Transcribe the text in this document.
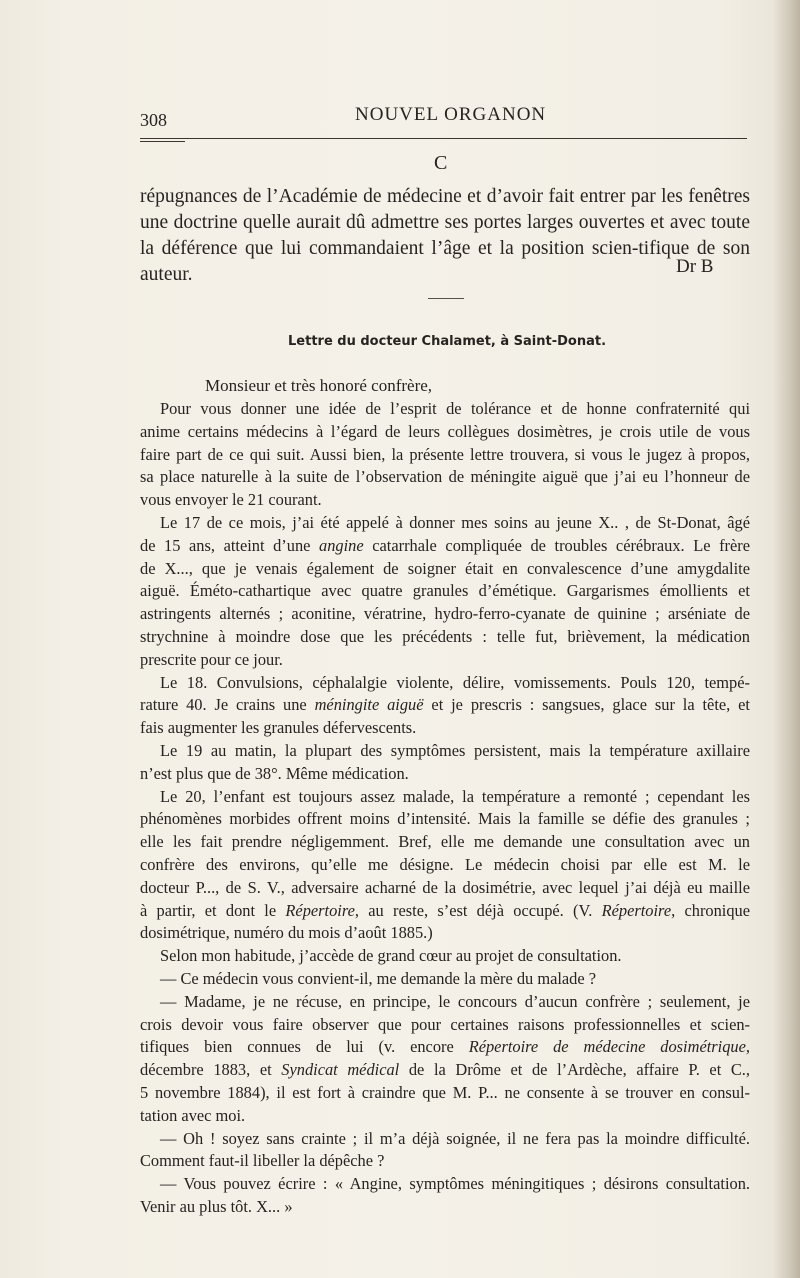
308	NOUVEL ORGANON
C

répugnances de l’Académie de médecine et d’avoir fait entrer par les fenêtres une doctrine quelle aurait dû admettre ses portes larges ouvertes et avec toute la déférence que lui commandaient l’âge et la position scien-tifique de son auteur.	Dr B
Lettre du docteur Chalamet, à Saint-Donat.
Monsieur et très honoré confrère,
Pour vous donner une idée de l’esprit de tolérance et de honne confraternité qui
anime certains médecins à l’égard de leurs collègues dosimètres, je crois utile de vous
faire part de ce qui suit. Aussi bien, la présente lettre trouvera, si vous le jugez à propos,
sa place naturelle à la suite de l’observation de méningite aiguë que j’ai eu l’honneur de
vous envoyer le 21 courant.
Le 17 de ce mois, j’ai été appelé à donner mes soins au jeune X.. , de St-Donat, âgé
de 15 ans, atteint d’une angine catarrhale compliquée de troubles cérébraux. Le frère
de X..., que je venais également de soigner était en convalescence d’une amygdalite
aiguë. Éméto-cathartique avec quatre granules d’émétique. Gargarismes émollients et
astringents alternés ; aconitine, vératrine, hydro-ferro-cyanate de quinine ; arséniate de
strychnine à moindre dose que les précédents : telle fut, brièvement, la médication
prescrite pour ce jour.
Le 18. Convulsions, céphalalgie violente, délire, vomissements. Pouls 120, tempé-
rature 40. Je crains une méningite aiguë et je prescris : sangsues, glace sur la tête, et
fais augmenter les granules défervescents.
Le 19 au matin, la plupart des symptômes persistent, mais la température axillaire
n’est plus que de 38°. Même médication.
Le 20, l’enfant est toujours assez malade, la température a remonté ; cependant les
phénomènes morbides offrent moins d’intensité. Mais la famille se défie des granules ;
elle les fait prendre négligemment. Bref, elle me demande une consultation avec un
confrère des environs, qu’elle me désigne. Le médecin choisi par elle est M. le
docteur P..., de S. V., adversaire acharné de la dosimétrie, avec lequel j’ai déjà eu maille
à partir, et dont le Répertoire, au reste, s’est déjà occupé. (V. Répertoire, chronique
dosimétrique, numéro du mois d’août 1885.)
Selon mon habitude, j’accède de grand cœur au projet de consultation.
— Ce médecin vous convient-il, me demande la mère du malade ?
— Madame, je ne récuse, en principe, le concours d’aucun confrère ; seulement, je
crois devoir vous faire observer que pour certaines raisons professionnelles et scien-
tifiques bien connues de lui (v. encore Répertoire de médecine dosimétrique,
décembre 1883, et Syndicat médical de la Drôme et de l’Ardèche, affaire P. et C.,
5 novembre 1884), il est fort à craindre que M. P... ne consente à se trouver en consul-
tation avec moi.
— Oh ! soyez sans crainte ; il m’a déjà soignée, il ne fera pas la moindre difficulté.
Comment faut-il libeller la dépêche ?
— Vous pouvez écrire : « Angine, symptômes méningitiques ; désirons consultation.
Venir au plus tôt. X... »
